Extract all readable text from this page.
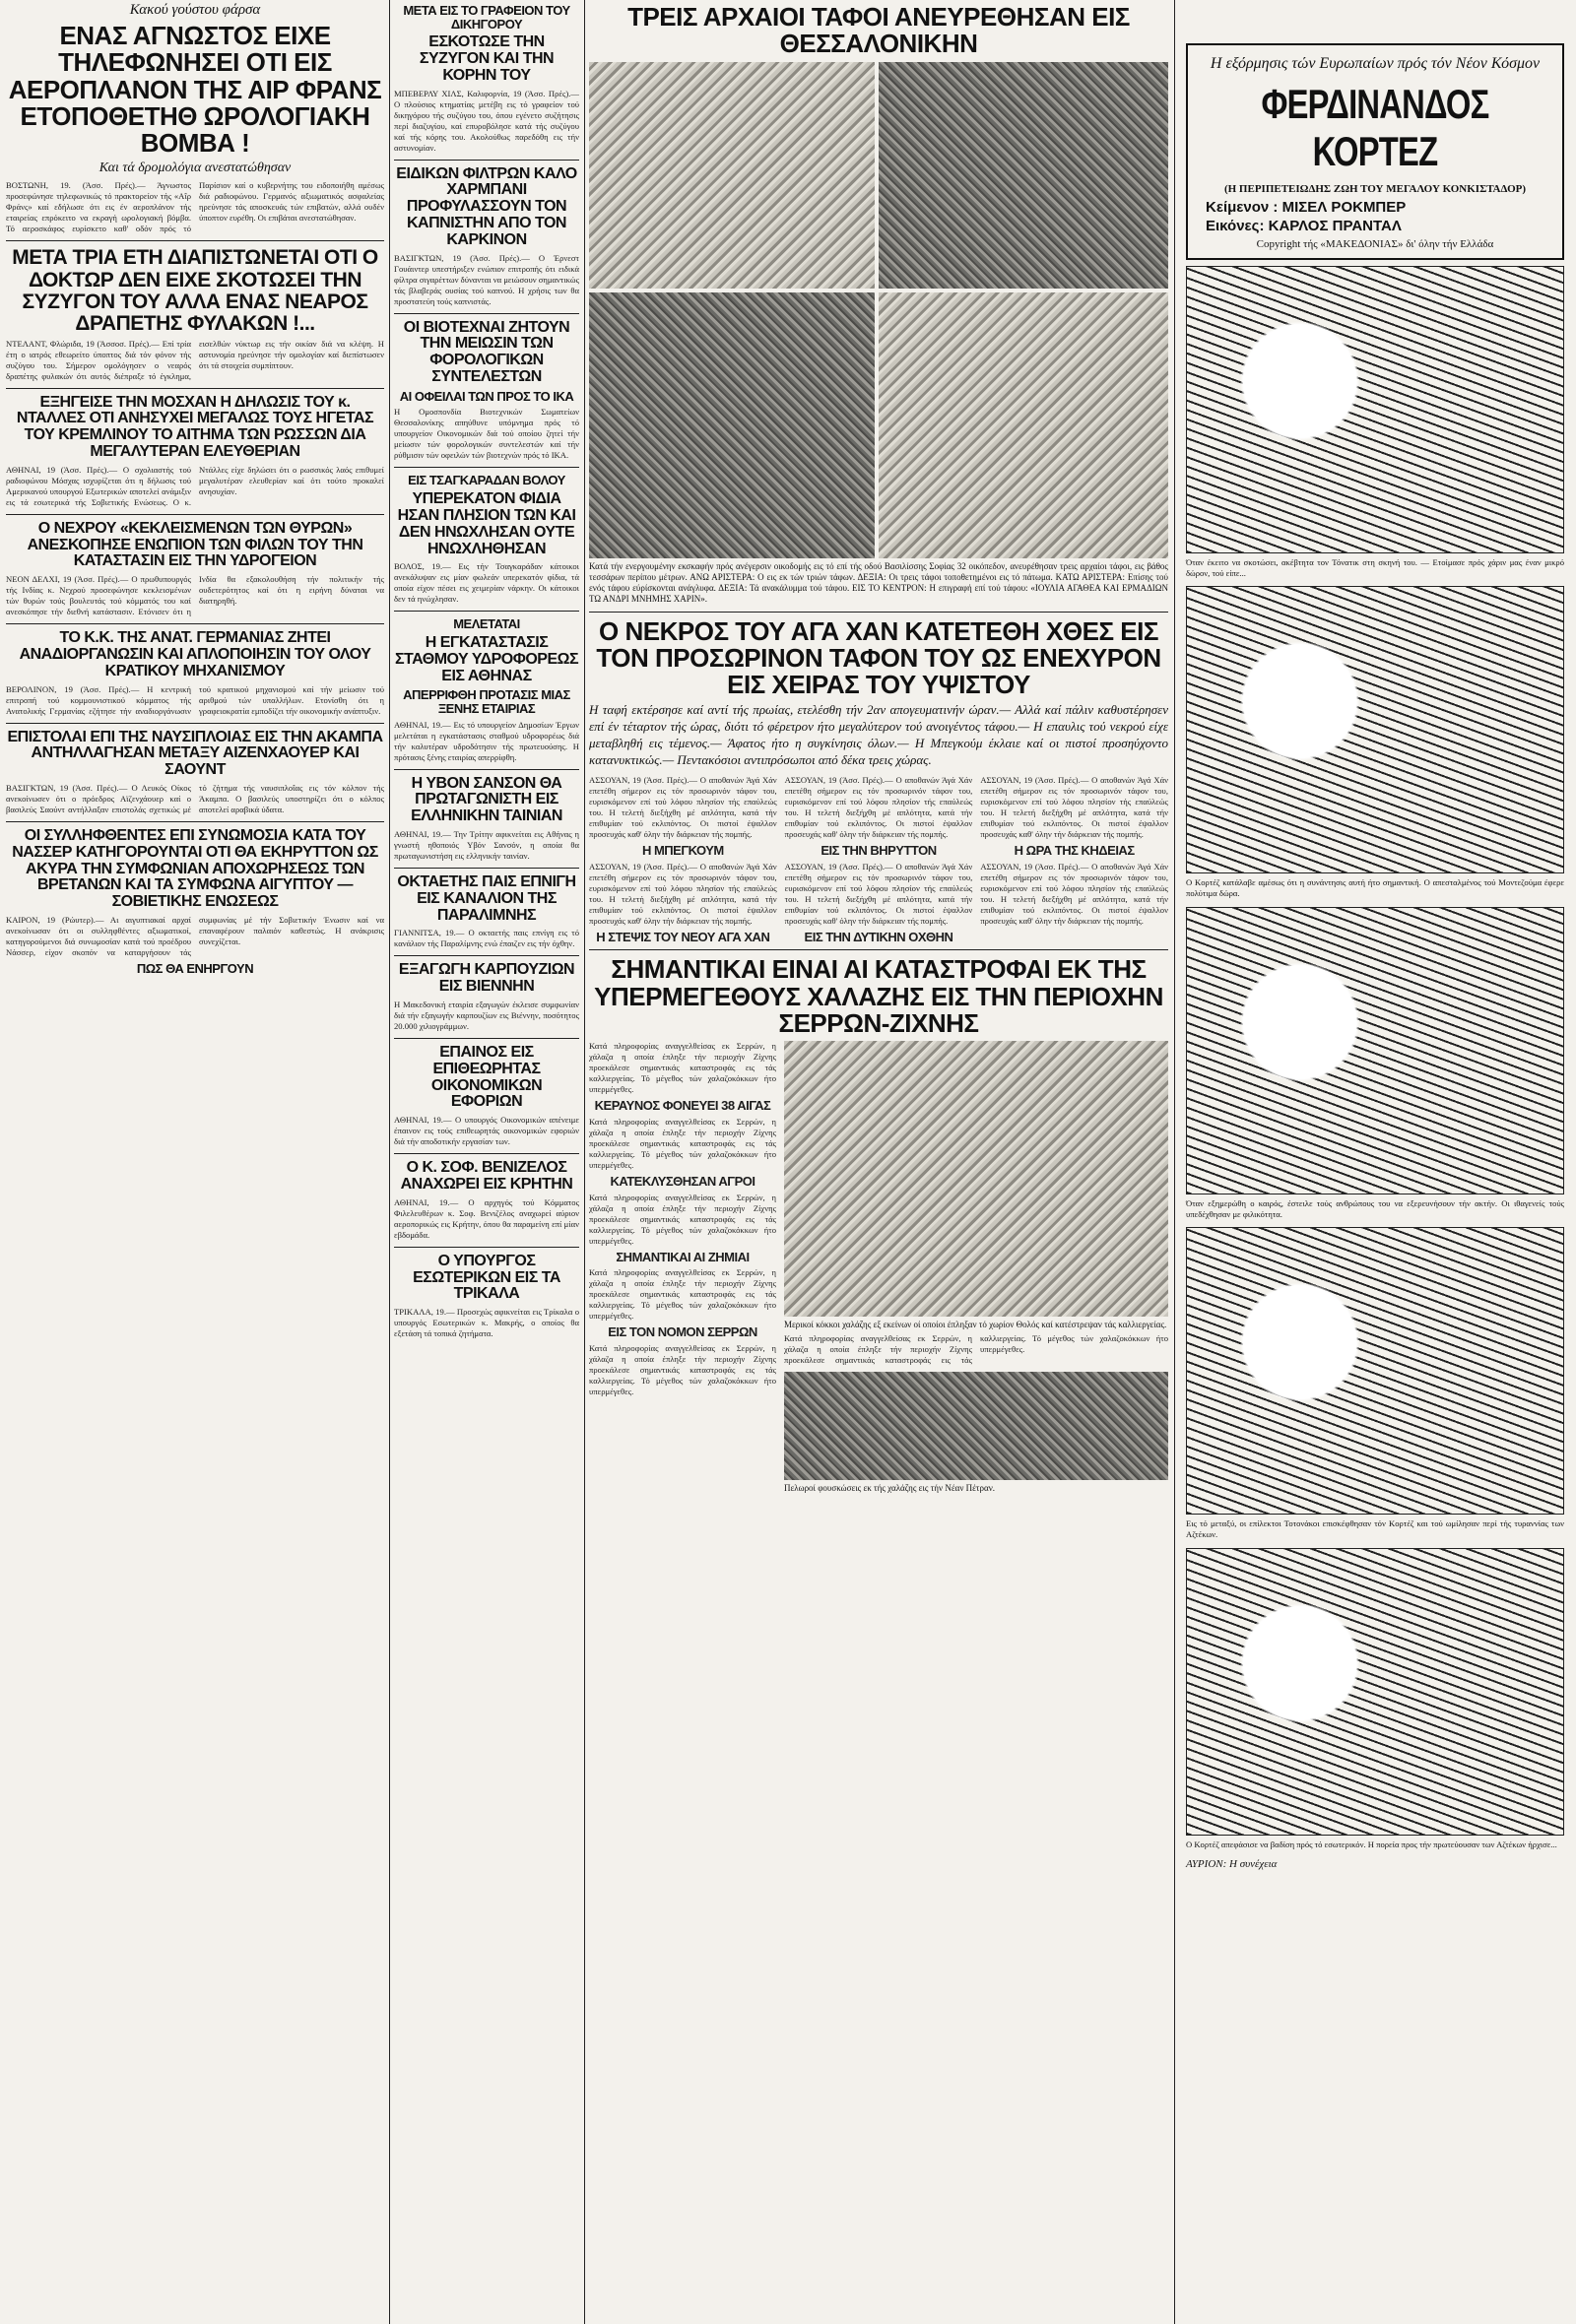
Κακού γούστου φάρσα
ΕΝΑΣ ΑΓΝΩΣΤΟΣ ΕΙΧΕ ΤΗΛΕΦΩΝΗΣΕΙ ΟΤΙ ΕΙΣ ΑΕΡΟΠΛΑΝΟΝ ΤΗΣ ΑΙΡ ΦΡΑΝΣ ΕΤΟΠΟΘΕΤΗΘ ΩΡΟΛΟΓΙΑΚΗ ΒΟΜΒΑ !
Και τά δρομολόγια ανεστατώθησαν
ΒΟΣΤΩΝΗ, 19. (Άσσ. Πρές).— Άγνωστος προσεφώνησε τηλεφωνικώς τό πρακτορείον τής «Αΐρ Φράνς» καί εδήλωσε ότι εις έν αεροπλάνον τής εταιρείας επρόκειτο να εκραγή ωρολογιακή βόμβα. Τό αεροσκάφος ευρίσκετο καθ' οδόν πρός τό Παρίσιον καί ο κυβερνήτης του ειδοποιήθη αμέσως διά ραδιοφώνου. Γερμανός αξιωματικός ασφαλείας ηρεύνησε τάς αποσκευάς τών επιβατών, αλλά ουδέν ύποπτον ευρέθη. Οι επιβάται ανεστατώθησαν.
ΜΕΤΑ ΤΡΙΑ ΕΤΗ ΔΙΑΠΙΣΤΩΝΕΤΑΙ ΟΤΙ Ο ΔΟΚΤΩΡ ΔΕΝ ΕΙΧΕ ΣΚΟΤΩΣΕΙ ΤΗΝ ΣΥΖΥΓΟΝ ΤΟΥ ΑΛΛΑ ΕΝΑΣ ΝΕΑΡΟΣ ΔΡΑΠΕΤΗΣ ΦΥΛΑΚΩΝ !...
ΝΤΕΛΑΝΤ, Φλώριδα, 19 (Άσσοσ. Πρές).— Επί τρία έτη ο ιατρός εθεωρείτο ύποπτος διά τόν φόνον τής συζύγου του. Σήμερον ομολόγησεν ο νεαρός δραπέτης φυλακών ότι αυτός διέπραξε τό έγκλημα, εισελθών νύκτωρ εις τήν οικίαν διά να κλέψη. Η αστυνομία ηρεύνησε τήν ομολογίαν καί διεπίστωσεν ότι τά στοιχεία συμπίπτουν.
ΕΞΗΓΕΙΣΕ ΤΗΝ ΜΟΣΧΑΝ Η ΔΗΛΩΣΙΣ ΤΟΥ κ. ΝΤΑΛΛΕΣ ΟΤΙ ΑΝΗΣΥΧΕΙ ΜΕΓΑΛΩΣ ΤΟΥΣ ΗΓΕΤΑΣ ΤΟΥ ΚΡΕΜΛΙΝΟΥ ΤΟ ΑΙΤΗΜΑ ΤΩΝ ΡΩΣΣΩΝ ΔΙΑ ΜΕΓΑΛΥΤΕΡΑΝ ΕΛΕΥΘΕΡΙΑΝ
ΑΘΗΝΑΙ, 19 (Άσσ. Πρές).— Ο σχολιαστής τού ραδιοφώνου Μόσχας ισχυρίζεται ότι η δήλωσις τού Αμερικανού υπουργού Εξωτερικών αποτελεί ανάμιξιν εις τά εσωτερικά τής Σοβιετικής Ενώσεως. Ο κ. Ντάλλες είχε δηλώσει ότι ο ρωσσικός λαός επιθυμεί μεγαλυτέραν ελευθερίαν καί ότι τούτο προκαλεί ανησυχίαν.
Ο ΝΕΧΡΟΥ «ΚΕΚΛΕΙΣΜΕΝΩΝ ΤΩΝ ΘΥΡΩΝ» ΑΝΕΣΚΟΠΗΣΕ ΕΝΩΠΙΟΝ ΤΩΝ ΦΙΛΩΝ ΤΟΥ ΤΗΝ ΚΑΤΑΣΤΑΣΙΝ ΕΙΣ ΤΗΝ ΥΔΡΟΓΕΙΟΝ
ΝΕΟΝ ΔΕΛΧΙ, 19 (Άσσ. Πρές).— Ο πρωθυπουργός τής Ινδίας κ. Νεχρού προσεφώνησε κεκλεισμένων τών θυρών τούς βουλευτάς τού κόμματός του καί ανεσκόπησε τήν διεθνή κατάστασιν. Ετόνισεν ότι η Ινδία θα εξακολουθήση τήν πολιτικήν τής ουδετερότητος καί ότι η ειρήνη δύναται να διατηρηθή.
ΤΟ Κ.Κ. ΤΗΣ ΑΝΑΤ. ΓΕΡΜΑΝΙΑΣ ΖΗΤΕΙ ΑΝΑΔΙΟΡΓΑΝΩΣΙΝ ΚΑΙ ΑΠΛΟΠΟΙΗΣΙΝ ΤΟΥ ΟΛΟΥ ΚΡΑΤΙΚΟΥ ΜΗΧΑΝΙΣΜΟΥ
ΒΕΡΟΛΙΝΟΝ, 19 (Άσσ. Πρές).— Η κεντρική επιτροπή τού κομμουνιστικού κόμματος τής Ανατολικής Γερμανίας εζήτησε τήν αναδιοργάνωσιν τού κρατικού μηχανισμού καί τήν μείωσιν τού αριθμού τών υπαλλήλων. Ετονίσθη ότι η γραφειοκρατία εμποδίζει τήν οικονομικήν ανάπτυξιν.
ΕΠΙΣΤΟΛΑΙ ΕΠΙ ΤΗΣ ΝΑΥΣΙΠΛΟΙΑΣ ΕΙΣ ΤΗΝ ΑΚΑΜΠΑ ΑΝΤΗΛΛΑΓΗΣΑΝ ΜΕΤΑΞΥ ΑΙΖΕΝΧΑΟΥΕΡ ΚΑΙ ΣΑΟΥΝΤ
ΒΑΣΙΓΚΤΩΝ, 19 (Άσσ. Πρές).— Ο Λευκός Οίκος ανεκοίνωσεν ότι ο πρόεδρος Αϊζενχάουερ καί ο βασιλεύς Σαούντ αντήλλαξαν επιστολάς σχετικώς μέ τό ζήτημα τής ναυσιπλοΐας εις τόν κόλπον τής Άκαμπα. Ο βασιλεύς υποστηρίζει ότι ο κόλπος αποτελεί αραβικά ύδατα.
ΟΙ ΣΥΛΛΗΦΘΕΝΤΕΣ ΕΠΙ ΣΥΝΩΜΟΣΙΑ ΚΑΤΑ ΤΟΥ ΝΑΣΣΕΡ ΚΑΤΗΓΟΡΟΥΝΤΑΙ ΟΤΙ ΘΑ ΕΚΗΡΥΤΤΟΝ ΩΣ ΑΚΥΡΑ ΤΗΝ ΣΥΜΦΩΝΙΑΝ ΑΠΟΧΩΡΗΣΕΩΣ ΤΩΝ ΒΡΕΤΑΝΩΝ ΚΑΙ ΤΑ ΣΥΜΦΩΝΑ ΑΙΓΥΠΤΟΥ — ΣΟΒΙΕΤΙΚΗΣ ΕΝΩΣΕΩΣ
ΚΑΙΡΟΝ, 19 (Ρώυτερ).— Αι αιγυπτιακαί αρχαί ανεκοίνωσαν ότι οι συλληφθέντες αξιωματικοί, κατηγορούμενοι διά συνωμοσίαν κατά τού προέδρου Νάσσερ, είχον σκοπόν να καταργήσουν τάς συμφωνίας μέ τήν Σοβιετικήν Ένωσιν καί να επαναφέρουν παλαιόν καθεστώς. Η ανάκρισις συνεχίζεται.
ΠΩΣ ΘΑ ΕΝΗΡΓΟΥΝ
ΜΕΤΑ ΕΙΣ ΤΟ ΓΡΑΦΕΙΟΝ ΤΟΥ ΔΙΚΗΓΟΡΟΥ
ΕΣΚΟΤΩΣΕ ΤΗΝ ΣΥΖΥΓΟΝ ΚΑΙ ΤΗΝ ΚΟΡΗΝ ΤΟΥ
ΜΠΕΒΕΡΛΥ ΧΙΛΣ, Καλιφορνία, 19 (Άσσ. Πρές).— Ο πλούσιος κτηματίας μετέβη εις τό γραφείον τού δικηγόρου τής συζύγου του, όπου εγένετο συζήτησις περί διαζυγίου, καί επυροβόλησε κατά τής συζύγου καί τής κόρης του. Ακολούθως παρεδόθη εις τήν αστυνομίαν.
ΕΙΔΙΚΩΝ ΦΙΛΤΡΩΝ ΚΑΛΟ ΧΑΡΜΠΑΝΙ ΠΡΟΦΥΛΑΣΣΟΥΝ ΤΟΝ ΚΑΠΝΙΣΤΗΝ ΑΠΟ ΤΟΝ ΚΑΡΚΙΝΟΝ
ΒΑΣΙΓΚΤΩΝ, 19 (Άσσ. Πρές).— Ο Έρνεστ Γουάιντερ υπεστήριξεν ενώπιον επιτροπής ότι ειδικά φίλτρα σιγαρέττων δύνανται να μειώσουν σημαντικώς τάς βλαβεράς ουσίας τού καπνού. Η χρήσις των θα προστατεύη τούς καπνιστάς.
ΟΙ ΒΙΟΤΕΧΝΑΙ ΖΗΤΟΥΝ ΤΗΝ ΜΕΙΩΣΙΝ ΤΩΝ ΦΟΡΟΛΟΓΙΚΩΝ ΣΥΝΤΕΛΕΣΤΩΝ
ΑΙ ΟΦΕΙΛΑΙ ΤΩΝ ΠΡΟΣ ΤΟ ΙΚΑ
Η Ομοσπονδία Βιοτεχνικών Σωματείων Θεσσαλονίκης απηύθυνε υπόμνημα πρός τό υπουργείον Οικονομικών διά τού οποίου ζητεί τήν μείωσιν τών φορολογικών συντελεστών καί τήν ρύθμισιν τών οφειλών τών βιοτεχνών πρός τό ΙΚΑ.
ΕΙΣ ΤΣΑΓΚΑΡΑΔΑΝ ΒΟΛΟΥ
ΥΠΕΡΕΚΑΤΟΝ ΦΙΔΙΑ ΗΣΑΝ ΠΛΗΣΙΟΝ ΤΩΝ ΚΑΙ ΔΕΝ ΗΝΩΧΛΗΣΑΝ ΟΥΤΕ ΗΝΩΧΛΗΘΗΣΑΝ
ΒΟΛΟΣ, 19.— Εις τήν Τσαγκαράδαν κάτοικοι ανεκάλυψαν εις μίαν φωλεάν υπερεκατόν φίδια, τά οποία είχον πέσει εις χειμερίαν νάρκην. Οι κάτοικοι δεν τά ηνώχλησαν.
ΜΕΛΕΤΑΤΑΙ
Η ΕΓΚΑΤΑΣΤΑΣΙΣ ΣΤΑΘΜΟΥ ΥΔΡΟΦΟΡΕΩΣ ΕΙΣ ΑΘΗΝΑΣ
ΑΠΕΡΡΙΦΘΗ ΠΡΟΤΑΣΙΣ ΜΙΑΣ ΞΕΝΗΣ ΕΤΑΙΡΙΑΣ
ΑΘΗΝΑΙ, 19.— Εις τό υπουργείον Δημοσίων Έργων μελετάται η εγκατάστασις σταθμού υδροφορέως διά τήν καλυτέραν υδροδότησιν τής πρωτευούσης. Η πρότασις ξένης εταιρίας απερρίφθη.
Η ΥΒΟΝ ΣΑΝΣΟΝ ΘΑ ΠΡΩΤΑΓΩΝΙΣΤΗ ΕΙΣ ΕΛΛΗΝΙΚΗΝ ΤΑΙΝΙΑΝ
ΑΘΗΝΑΙ, 19.— Την Τρίτην αφικνείται εις Αθήνας η γνωστή ηθοποιός Υβόν Σανσόν, η οποία θα πρωταγωνιστήση εις ελληνικήν ταινίαν.
ΟΚΤΑΕΤΗΣ ΠΑΙΣ ΕΠΝΙΓΗ ΕΙΣ ΚΑΝΑΛΙΟΝ ΤΗΣ ΠΑΡΑΛΙΜΝΗΣ
ΓΙΑΝΝΙΤΣΑ, 19.— Ο οκταετής παις επνίγη εις τό κανάλιον τής Παραλίμνης ενώ έπαιζεν εις τήν όχθην.
ΕΞΑΓΩΓΗ ΚΑΡΠΟΥΖΙΩΝ ΕΙΣ ΒΙΕΝΝΗΝ
Η Μακεδονική εταιρία εξαγωγών έκλεισε συμφωνίαν διά τήν εξαγωγήν καρπουζίων εις Βιέννην, ποσότητος 20.000 χιλιογράμμων.
ΕΠΑΙΝΟΣ ΕΙΣ ΕΠΙΘΕΩΡΗΤΑΣ ΟΙΚΟΝΟΜΙΚΩΝ ΕΦΟΡΙΩΝ
ΑΘΗΝΑΙ, 19.— Ο υπουργός Οικονομικών απένειμε έπαινον εις τούς επιθεωρητάς οικονομικών εφοριών διά τήν αποδοτικήν εργασίαν των.
Ο Κ. ΣΟΦ. ΒΕΝΙΖΕΛΟΣ ΑΝΑΧΩΡΕΙ ΕΙΣ ΚΡΗΤΗΝ
ΑΘΗΝΑΙ, 19.— Ο αρχηγός τού Κόμματος Φιλελευθέρων κ. Σοφ. Βενιζέλος αναχωρεί αύριον αεροπορικώς εις Κρήτην, όπου θα παραμείνη επί μίαν εβδομάδα.
Ο ΥΠΟΥΡΓΟΣ ΕΣΩΤΕΡΙΚΩΝ ΕΙΣ ΤΑ ΤΡΙΚΑΛΑ
ΤΡΙΚΑΛΑ, 19.— Προσεχώς αφικνείται εις Τρίκαλα ο υπουργός Εσωτερικών κ. Μακρής, ο οποίος θα εξετάση τά τοπικά ζητήματα.
ΤΡΕΙΣ ΑΡΧΑΙΟΙ ΤΑΦΟΙ ΑΝΕΥΡΕΘΗΣΑΝ ΕΙΣ ΘΕΣΣΑΛΟΝΙΚΗΝ
Κατά τήν ενεργουμένην εκσκαφήν πρός ανέγερσιν οικοδομής εις τό επί τής οδού Βασιλίσσης Σοφίας 32 οικόπεδον, ανευρέθησαν τρεις αρχαίοι τάφοι, εις βάθος τεσσάρων περίπου μέτρων. ΑΝΩ ΑΡΙΣΤΕΡΑ: Ο εις εκ τών τριών τάφων. ΔΕΞΙΑ: Οι τρεις τάφοι τοποθετημένοι εις τό πάτωμα. ΚΑΤΩ ΑΡΙΣΤΕΡΑ: Επίσης τού ενός τάφου εύρίσκονται ανάγλυφα. ΔΕΞΙΑ: Τά ανακάλυμμα τού τάφου. ΕΙΣ ΤΟ ΚΕΝΤΡΟΝ: Η επιγραφή επί τού τάφου: «ΙΟΥΛΙΑ ΑΓΑΘΕΑ ΚΑΙ ΕΡΜΑΔΙΩΝ ΤΩ ΑΝΔΡΙ ΜΝΗΜΗΣ ΧΑΡΙΝ».
Ο ΝΕΚΡΟΣ ΤΟΥ ΑΓΑ ΧΑΝ ΚΑΤΕΤΕΘΗ ΧΘΕΣ ΕΙΣ ΤΟΝ ΠΡΟΣΩΡΙΝΟΝ ΤΑΦΟΝ ΤΟΥ ΩΣ ΕΝΕΧΥΡΟΝ ΕΙΣ ΧΕΙΡΑΣ ΤΟΥ ΥΨΙΣΤΟΥ
Η ταφή εκτέρσησε καί αντί τής πρωίας, ετελέσθη τήν 2αν απογευματινήν ώραν.— Αλλά καί πάλιν καθυστέρησεν επί έν τέταρτον τής ώρας, διότι τό φέρετρον ήτο μεγαλύτερον τού ανοιγέντος τάφου.— Η επαυλις τού νεκρού είχε μεταβληθή εις τέμενος.— Άφατος ήτο η συγκίνησις όλων.— Η Μπεγκούμ έκλαιε καί οι πιστοί προσηύχοντο κατανυκτικώς.— Πεντακόσιοι αντιπρόσωποι από δέκα τρεις χώρας.
ΑΣΣΟΥΑΝ, 19 (Άσσ. Πρές).— Ο αποθανών Άγά Χάν επετέθη σήμερον εις τόν προσωρινόν τάφον του, ευρισκόμενον επί τού λόφου πλησίον τής επαύλεώς του. Η τελετή διεξήχθη μέ απλότητα, κατά τήν επιθυμίαν τού εκλιπόντος. Οι πιστοί έψαλλον προσευχάς καθ' όλην τήν διάρκειαν τής πομπής.
Η ΜΠΕΓΚΟΥΜ
ΑΣΣΟΥΑΝ, 19 (Άσσ. Πρές).— Ο αποθανών Άγά Χάν επετέθη σήμερον εις τόν προσωρινόν τάφον του, ευρισκόμενον επί τού λόφου πλησίον τής επαύλεώς του. Η τελετή διεξήχθη μέ απλότητα, κατά τήν επιθυμίαν τού εκλιπόντος. Οι πιστοί έψαλλον προσευχάς καθ' όλην τήν διάρκειαν τής πομπής.
Η ΣΤΕΨΙΣ ΤΟΥ ΝΕΟΥ ΑΓΑ ΧΑΝ
ΑΣΣΟΥΑΝ, 19 (Άσσ. Πρές).— Ο αποθανών Άγά Χάν επετέθη σήμερον εις τόν προσωρινόν τάφον του, ευρισκόμενον επί τού λόφου πλησίον τής επαύλεώς του. Η τελετή διεξήχθη μέ απλότητα, κατά τήν επιθυμίαν τού εκλιπόντος. Οι πιστοί έψαλλον προσευχάς καθ' όλην τήν διάρκειαν τής πομπής.
ΕΙΣ ΤΗΝ ΒΗΡΥΤΤΟΝ
ΑΣΣΟΥΑΝ, 19 (Άσσ. Πρές).— Ο αποθανών Άγά Χάν επετέθη σήμερον εις τόν προσωρινόν τάφον του, ευρισκόμενον επί τού λόφου πλησίον τής επαύλεώς του. Η τελετή διεξήχθη μέ απλότητα, κατά τήν επιθυμίαν τού εκλιπόντος. Οι πιστοί έψαλλον προσευχάς καθ' όλην τήν διάρκειαν τής πομπής.
ΕΙΣ ΤΗΝ ΔΥΤΙΚΗΝ ΟΧΘΗΝ
ΑΣΣΟΥΑΝ, 19 (Άσσ. Πρές).— Ο αποθανών Άγά Χάν επετέθη σήμερον εις τόν προσωρινόν τάφον του, ευρισκόμενον επί τού λόφου πλησίον τής επαύλεώς του. Η τελετή διεξήχθη μέ απλότητα, κατά τήν επιθυμίαν τού εκλιπόντος. Οι πιστοί έψαλλον προσευχάς καθ' όλην τήν διάρκειαν τής πομπής.
Η ΩΡΑ ΤΗΣ ΚΗΔΕΙΑΣ
ΑΣΣΟΥΑΝ, 19 (Άσσ. Πρές).— Ο αποθανών Άγά Χάν επετέθη σήμερον εις τόν προσωρινόν τάφον του, ευρισκόμενον επί τού λόφου πλησίον τής επαύλεώς του. Η τελετή διεξήχθη μέ απλότητα, κατά τήν επιθυμίαν τού εκλιπόντος. Οι πιστοί έψαλλον προσευχάς καθ' όλην τήν διάρκειαν τής πομπής.
ΣΗΜΑΝΤΙΚΑΙ ΕΙΝΑΙ ΑΙ ΚΑΤΑΣΤΡΟΦΑΙ ΕΚ ΤΗΣ ΥΠΕΡΜΕΓΕΘΟΥΣ ΧΑΛΑΖΗΣ ΕΙΣ ΤΗΝ ΠΕΡΙΟΧΗΝ ΣΕΡΡΩΝ-ΖΙΧΝΗΣ
Κατά πληροφορίας αναγγελθείσας εκ Σερρών, η χάλαζα η οποία έπληξε τήν περιοχήν Ζίχνης προεκάλεσε σημαντικάς καταστροφάς εις τάς καλλιεργείας. Τό μέγεθος τών χαλαζοκόκκων ήτο υπερμέγεθες.
ΚΕΡΑΥΝΟΣ ΦΟΝΕΥΕΙ 38 ΑΙΓΑΣ
Κατά πληροφορίας αναγγελθείσας εκ Σερρών, η χάλαζα η οποία έπληξε τήν περιοχήν Ζίχνης προεκάλεσε σημαντικάς καταστροφάς εις τάς καλλιεργείας. Τό μέγεθος τών χαλαζοκόκκων ήτο υπερμέγεθες.
ΚΑΤΕΚΛΥΣΘΗΣΑΝ ΑΓΡΟΙ
Κατά πληροφορίας αναγγελθείσας εκ Σερρών, η χάλαζα η οποία έπληξε τήν περιοχήν Ζίχνης προεκάλεσε σημαντικάς καταστροφάς εις τάς καλλιεργείας. Τό μέγεθος τών χαλαζοκόκκων ήτο υπερμέγεθες.
ΣΗΜΑΝΤΙΚΑΙ ΑΙ ΖΗΜΙΑΙ
Κατά πληροφορίας αναγγελθείσας εκ Σερρών, η χάλαζα η οποία έπληξε τήν περιοχήν Ζίχνης προεκάλεσε σημαντικάς καταστροφάς εις τάς καλλιεργείας. Τό μέγεθος τών χαλαζοκόκκων ήτο υπερμέγεθες.
ΕΙΣ ΤΟΝ ΝΟΜΟΝ ΣΕΡΡΩΝ
Κατά πληροφορίας αναγγελθείσας εκ Σερρών, η χάλαζα η οποία έπληξε τήν περιοχήν Ζίχνης προεκάλεσε σημαντικάς καταστροφάς εις τάς καλλιεργείας. Τό μέγεθος τών χαλαζοκόκκων ήτο υπερμέγεθες.
Μερικοί κόκκοι χαλάζης εξ εκείνων οί οποίοι έπληξαν τό χωρίον Θολός καί κατέστρεψαν τάς καλλιεργείας.
Κατά πληροφορίας αναγγελθείσας εκ Σερρών, η χάλαζα η οποία έπληξε τήν περιοχήν Ζίχνης προεκάλεσε σημαντικάς καταστροφάς εις τάς καλλιεργείας. Τό μέγεθος τών χαλαζοκόκκων ήτο υπερμέγεθες.
Πελωροί φουσκώσεις εκ τής χαλάζης εις τήν Νέαν Πέτραν.
Η εξόρμησις τών Ευρωπαίων πρός τόν Νέον Κόσμον
ΦΕΡΔΙΝΑΝΔΟΣ ΚΟΡΤΕΖ
(Η ΠΕΡΙΠΕΤΕΙΩΔΗΣ ΖΩΗ ΤΟΥ ΜΕΓΑΛΟΥ ΚΟΝΚΙΣΤΑΔΟΡ)
Κείμενον : ΜΙΣΕΛ ΡΟΚΜΠΕΡ
Εικόνες: ΚΑΡΛΟΣ ΠΡΑΝΤΑΛ
Copyright τής «ΜΑΚΕΔΟΝΙΑΣ» δι' όλην τήν Ελλάδα
Όταν έκειτο να σκοτώσει, ακέβτητα τον Τόνατικ στη σκηνή του. — Ετοίμασε πρός χάριν μας έναν μικρό δώρον, τού είπε...
Ο Κορτέζ κατάλαβε αμέσως ότι η συνάντησις αυτή ήτο σημαντική. Ο απεσταλμένος τού Μοντεζούμα έφερε πολύτιμα δώρα.
Όταν εξημερώθη ο καιρός, έστειλε τούς ανθρώπους του να εξερευνήσουν τήν ακτήν. Οι ιθαγενείς τούς υπεδέχθησαν με φιλικότητα.
Εις τό μεταξύ, οι επίλεκτοι Τοτονάκοι επισκέφθησαν τόν Κορτέζ και τού ωμίλησαν περί τής τυραννίας των Αζτέκων.
Ο Κορτέζ απεφάσισε να βαδίση πρός τό εσωτερικόν. Η πορεία προς τήν πρωτεύουσαν των Αζτέκων ήρχισε...
ΑΥΡΙΟΝ: Η συνέχεια
